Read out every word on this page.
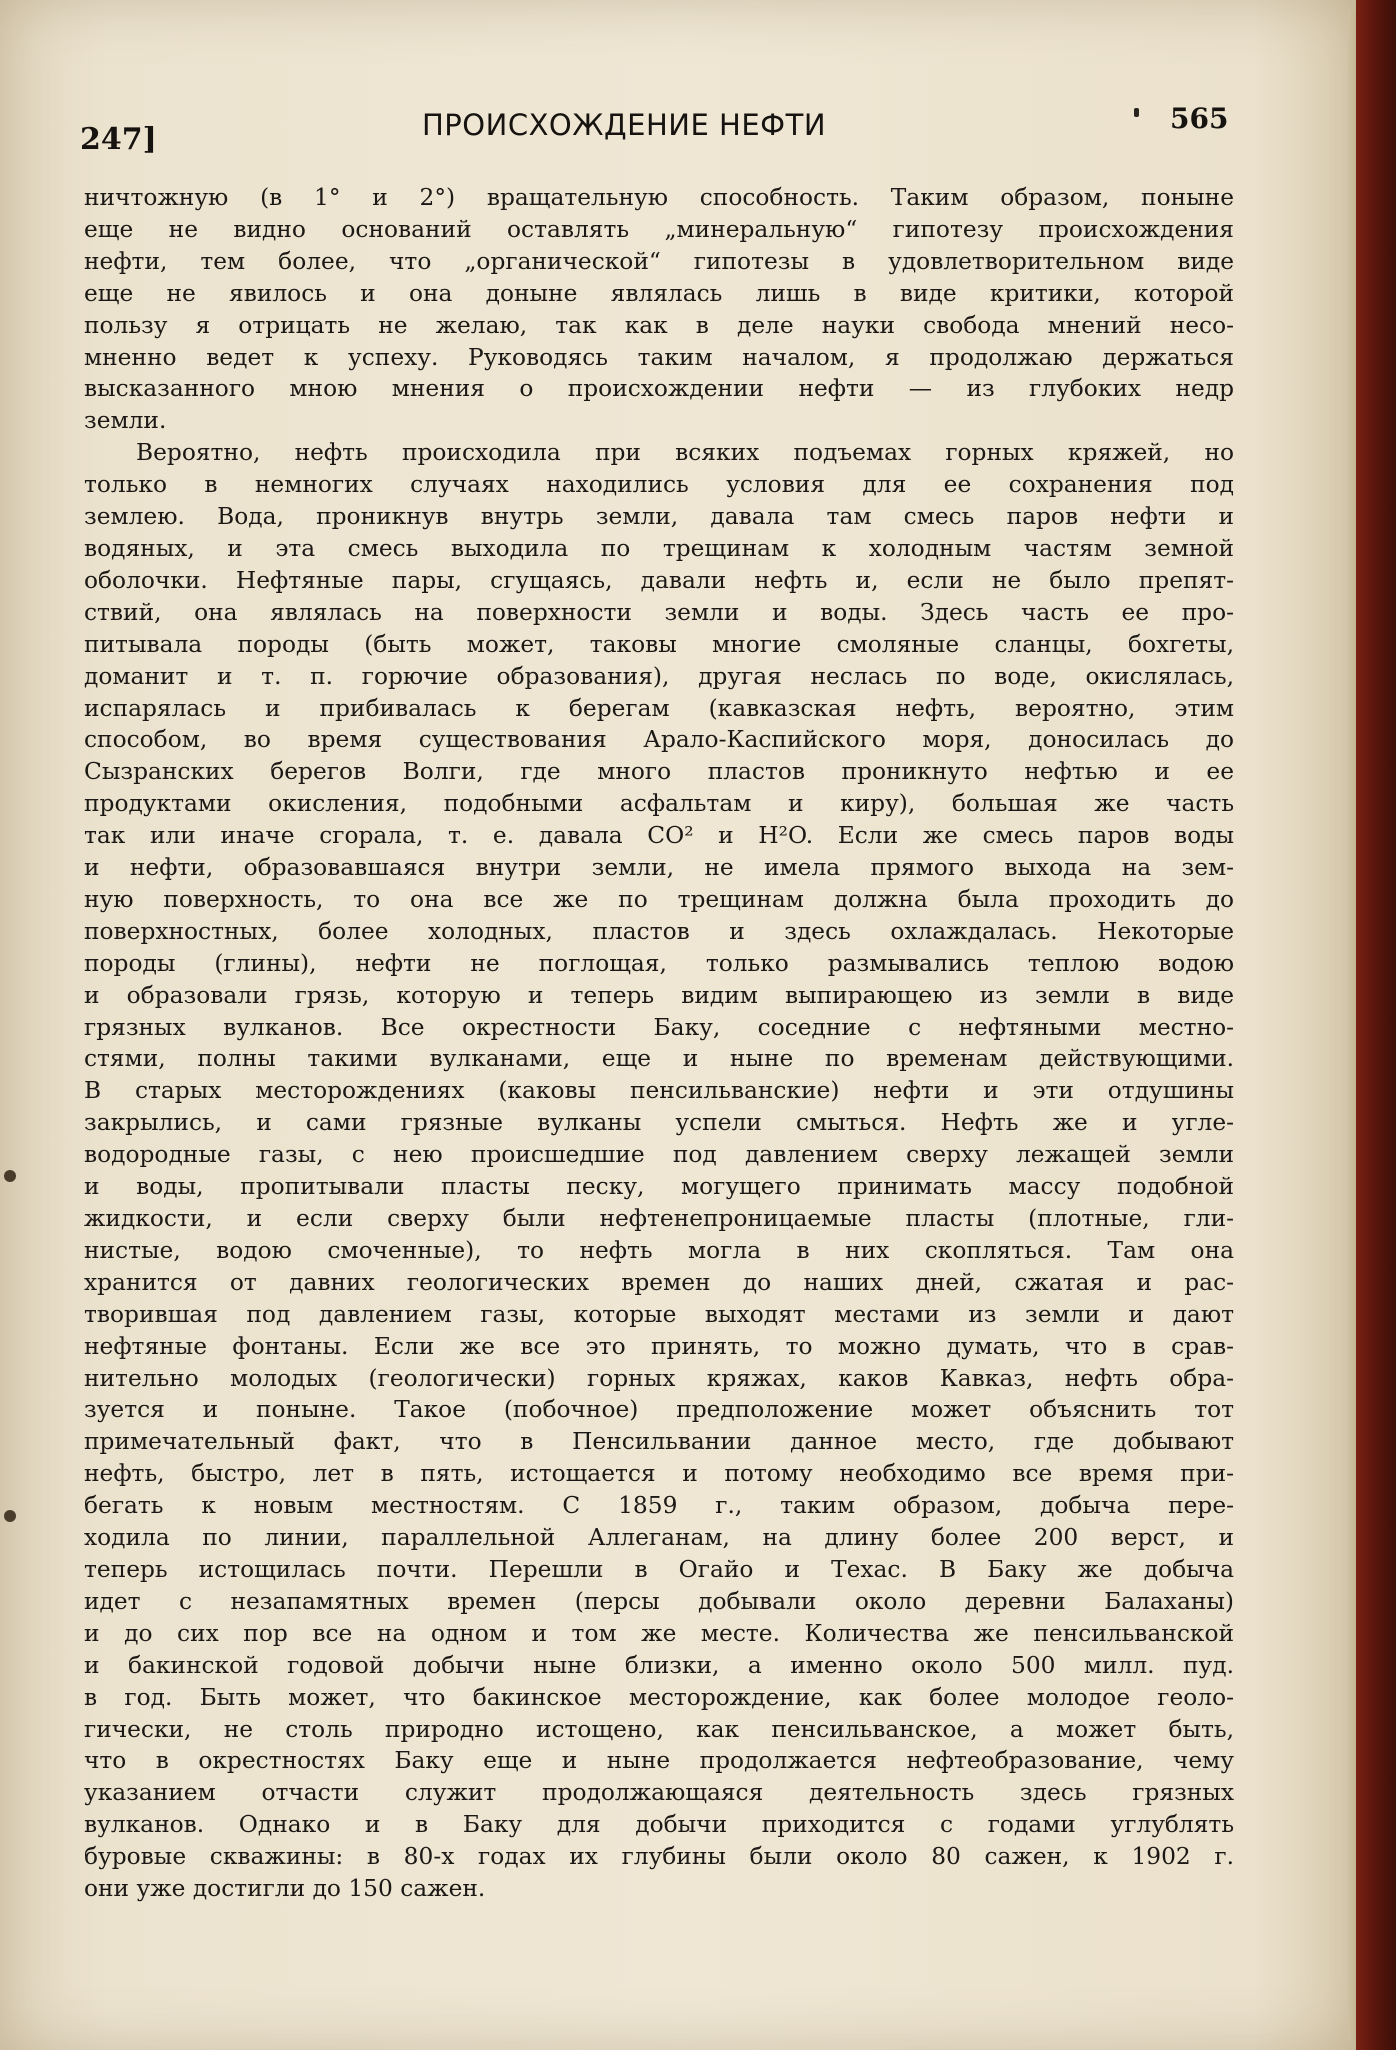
247]	ПРОИСХОЖДЕНИЕ НЕФТИ	565
ничтожную (в 1° и 2°) вращательную способность. Таким образом, поныне
еще не видно оснований оставлять „минеральную“ гипотезу происхождения
нефти, тем более, что „органической“ гипотезы в удовлетворительном виде
еще не явилось и она доныне являлась лишь в виде критики, которой
пользу я отрицать не желаю, так как в деле науки свобода мнений несо-
мненно ведет к успеху. Руководясь таким началом, я продолжаю держаться
высказанного мною мнения о происхождении нефти — из глубоких недр
земли.
Вероятно, нефть происходила при всяких подъемах горных кряжей, но
только в немногих случаях находились условия для ее сохранения под
землею. Вода, проникнув внутрь земли, давала там смесь паров нефти и
водяных, и эта смесь выходила по трещинам к холодным частям земной
оболочки. Нефтяные пары, сгущаясь, давали нефть и, если не было препят-
ствий, она являлась на поверхности земли и воды. Здесь часть ее про-
питывала породы (быть может, таковы многие смоляные сланцы, бохгеты,
доманит и т. п. горючие образования), другая неслась по воде, окислялась,
испарялась и прибивалась к берегам (кавказская нефть, вероятно, этим
способом, во время существования Арало-Каспийского моря, доносилась до
Сызранских берегов Волги, где много пластов проникнуто нефтью и ее
продуктами окисления, подобными асфальтам и киру), большая же часть
так или иначе сгорала, т. е. давала CO² и H²O. Если же смесь паров воды
и нефти, образовавшаяся внутри земли, не имела прямого выхода на зем-
ную поверхность, то она все же по трещинам должна была проходить до
поверхностных, более холодных, пластов и здесь охлаждалась. Некоторые
породы (глины), нефти не поглощая, только размывались теплою водою
и образовали грязь, которую и теперь видим выпирающею из земли в виде
грязных вулканов. Все окрестности Баку, соседние с нефтяными местно-
стями, полны такими вулканами, еще и ныне по временам действующими.
В старых месторождениях (каковы пенсильванские) нефти и эти отдушины
закрылись, и сами грязные вулканы успели смыться. Нефть же и угле-
водородные газы, с нею происшедшие под давлением сверху лежащей земли
и воды, пропитывали пласты песку, могущего принимать массу подобной
жидкости, и если сверху были нефтенепроницаемые пласты (плотные, гли-
нистые, водою смоченные), то нефть могла в них скопляться. Там она
хранится от давних геологических времен до наших дней, сжатая и рас-
творившая под давлением газы, которые выходят местами из земли и дают
нефтяные фонтаны. Если же все это принять, то можно думать, что в срав-
нительно молодых (геологически) горных кряжах, каков Кавказ, нефть обра-
зуется и поныне. Такое (побочное) предположение может объяснить тот
примечательный факт, что в Пенсильвании данное место, где добывают
нефть, быстро, лет в пять, истощается и потому необходимо все время при-
бегать к новым местностям. С 1859 г., таким образом, добыча пере-
ходила по линии, параллельной Аллеганам, на длину более 200 верст, и
теперь истощилась почти. Перешли в Огайо и Техас. В Баку же добыча
идет с незапамятных времен (персы добывали около деревни Балаханы)
и до сих пор все на одном и том же месте. Количества же пенсильванской
и бакинской годовой добычи ныне близки, а именно около 500 милл. пуд.
в год. Быть может, что бакинское месторождение, как более молодое геоло-
гически, не столь природно истощено, как пенсильванское, а может быть,
что в окрестностях Баку еще и ныне продолжается нефтеобразование, чему
указанием отчасти служит продолжающаяся деятельность здесь грязных
вулканов. Однако и в Баку для добычи приходится с годами углублять
буровые скважины: в 80-х годах их глубины были около 80 сажен, к 1902 г.
они уже достигли до 150 сажен.
